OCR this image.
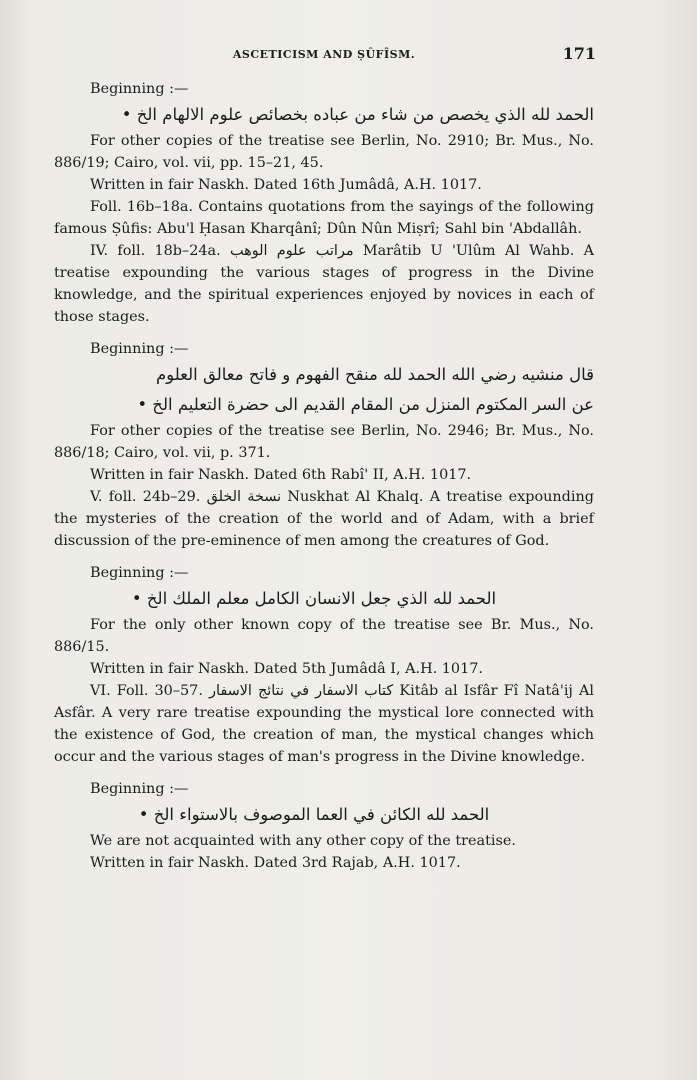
ASCETICISM AND ṢÛFÎSM.	171

Beginning :—

الحمد لله الذي يخصص من شاء من عباده بخصائص علوم الالهام الخ •

For other copies of the treatise see Berlin, No. 2910; Br. Mus., No. 886/19; Cairo, vol. vii, pp. 15–21, 45.

Written in fair Naskh. Dated 16th Jumâdâ, A.H. 1017.

Foll. 16b–18a. Contains quotations from the sayings of the following famous Ṣûfis: Abu'l Ḥasan Kharqânî; Dûn Nûn Miṣrî; Sahl bin 'Abdallâh.

IV. foll. 18b–24a. مراتب علوم الوهب Marâtib U 'Ulûm Al Wahb. A treatise expounding the various stages of progress in the Divine knowledge, and the spiritual experiences enjoyed by novices in each of those stages.

Beginning :—

قال منشيه رضي الله الحمد لله منقح الفهوم و فاتح معالق العلوم

عن السر المكتوم المنزل من المقام القديم الى حضرة التعليم الخ •

For other copies of the treatise see Berlin, No. 2946; Br. Mus., No. 886/18; Cairo, vol. vii, p. 371.

Written in fair Naskh. Dated 6th Rabî' II, A.H. 1017.

V. foll. 24b–29. نسخة الخلق Nuskhat Al Khalq. A treatise expounding the mysteries of the creation of the world and of Adam, with a brief discussion of the pre-eminence of men among the creatures of God.

Beginning :—

الحمد لله الذي جعل الانسان الكامل معلم الملك الخ •

For the only other known copy of the treatise see Br. Mus., No. 886/15.

Written in fair Naskh. Dated 5th Jumâdâ I, A.H. 1017.

VI. Foll. 30–57. كتاب الاسفار في نتائج الاسفار Kitâb al Isfâr Fî Natâ'ij Al Asfâr. A very rare treatise expounding the mystical lore connected with the existence of God, the creation of man, the mystical changes which occur and the various stages of man's progress in the Divine knowledge.

Beginning :—

الحمد لله الكائن في العما الموصوف بالاستواء الخ •

We are not acquainted with any other copy of the treatise.

Written in fair Naskh. Dated 3rd Rajab, A.H. 1017.
